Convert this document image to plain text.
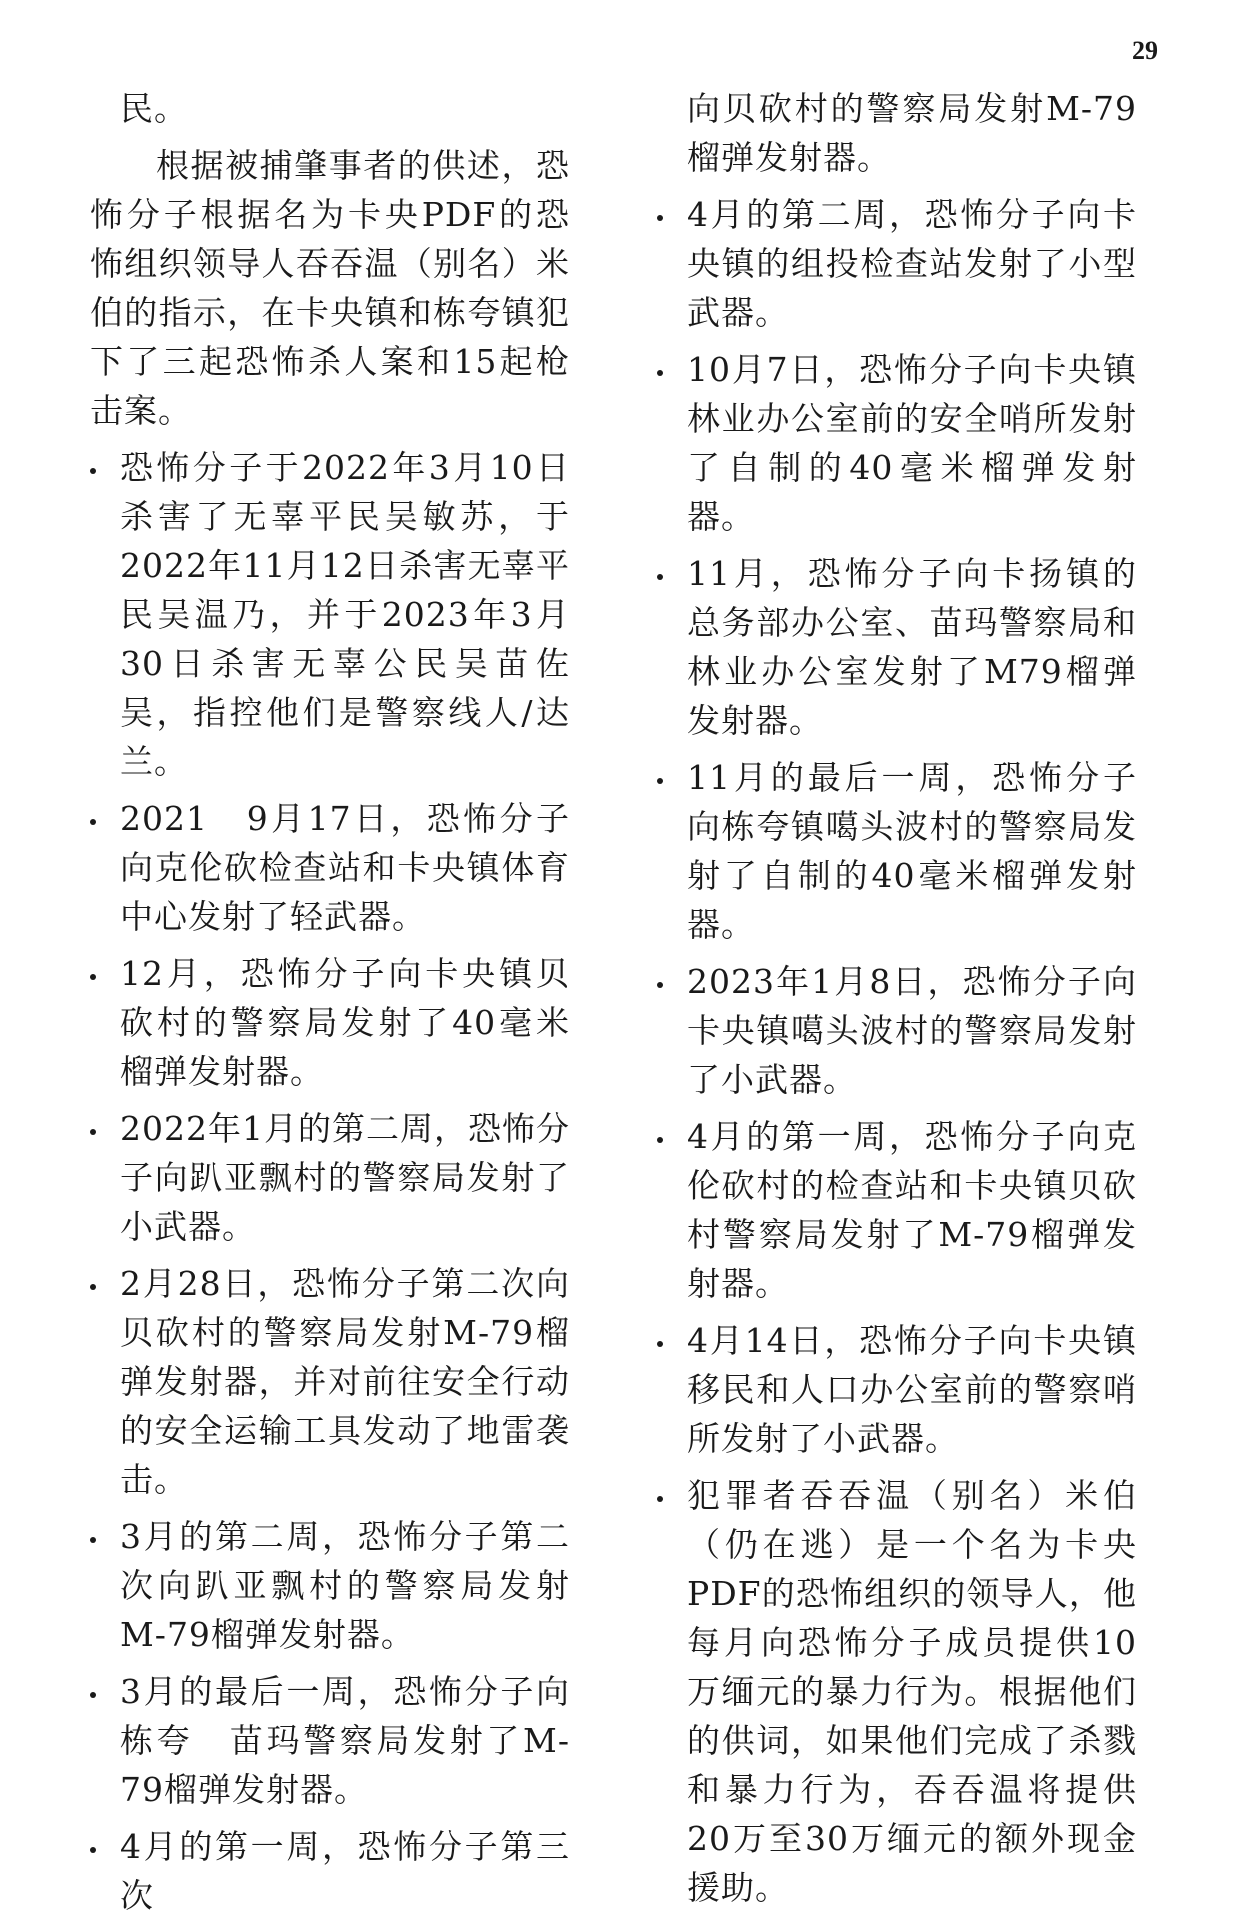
29

民。

根据被捕肇事者的供述，恐怖分子根据名为卡央PDF的恐怖组织领导人吞吞温（别名）米伯的指示，在卡央镇和栋夸镇犯下了三起恐怖杀人案和15起枪击案。

恐怖分子于2022年3月10日杀害了无辜平民吴敏苏，于2022年11月12日杀害无辜平民吴温乃，并于2023年3月30日杀害无辜公民吴苗佐吴，指控他们是警察线人/达兰。
2021　9月17日，恐怖分子向克伦砍检查站和卡央镇体育中心发射了轻武器。
12月，恐怖分子向卡央镇贝砍村的警察局发射了40毫米榴弹发射器。
2022年1月的第二周，恐怖分子向趴亚飘村的警察局发射了小武器。
2月28日，恐怖分子第二次向贝砍村的警察局发射M-79榴弹发射器，并对前往安全行动的安全运输工具发动了地雷袭击。
3月的第二周，恐怖分子第二次向趴亚飘村的警察局发射M-79榴弹发射器。
3月的最后一周，恐怖分子向栋夸　苗玛警察局发射了M-79榴弹发射器。
4月的第一周，恐怖分子第三次

向贝砍村的警察局发射M-79榴弹发射器。

4月的第二周，恐怖分子向卡央镇的组投检查站发射了小型武器。
10月7日，恐怖分子向卡央镇林业办公室前的安全哨所发射了自制的40毫米榴弹发射器。
11月，恐怖分子向卡扬镇的总务部办公室、苗玛警察局和林业办公室发射了M79榴弹发射器。
11月的最后一周，恐怖分子向栋夸镇噶头波村的警察局发射了自制的40毫米榴弹发射器。
2023年1月8日，恐怖分子向卡央镇噶头波村的警察局发射了小武器。
4月的第一周，恐怖分子向克伦砍村的检查站和卡央镇贝砍村警察局发射了M-79榴弹发射器。
4月14日，恐怖分子向卡央镇移民和人口办公室前的警察哨所发射了小武器。
犯罪者吞吞温（别名）米伯（仍在逃）是一个名为卡央　PDF的恐怖组织的领导人，他每月向恐怖分子成员提供10万缅元的暴力行为。根据他们的供词，如果他们完成了杀戮和暴力行为，吞吞温将提供20万至30万缅元的额外现金援助。
